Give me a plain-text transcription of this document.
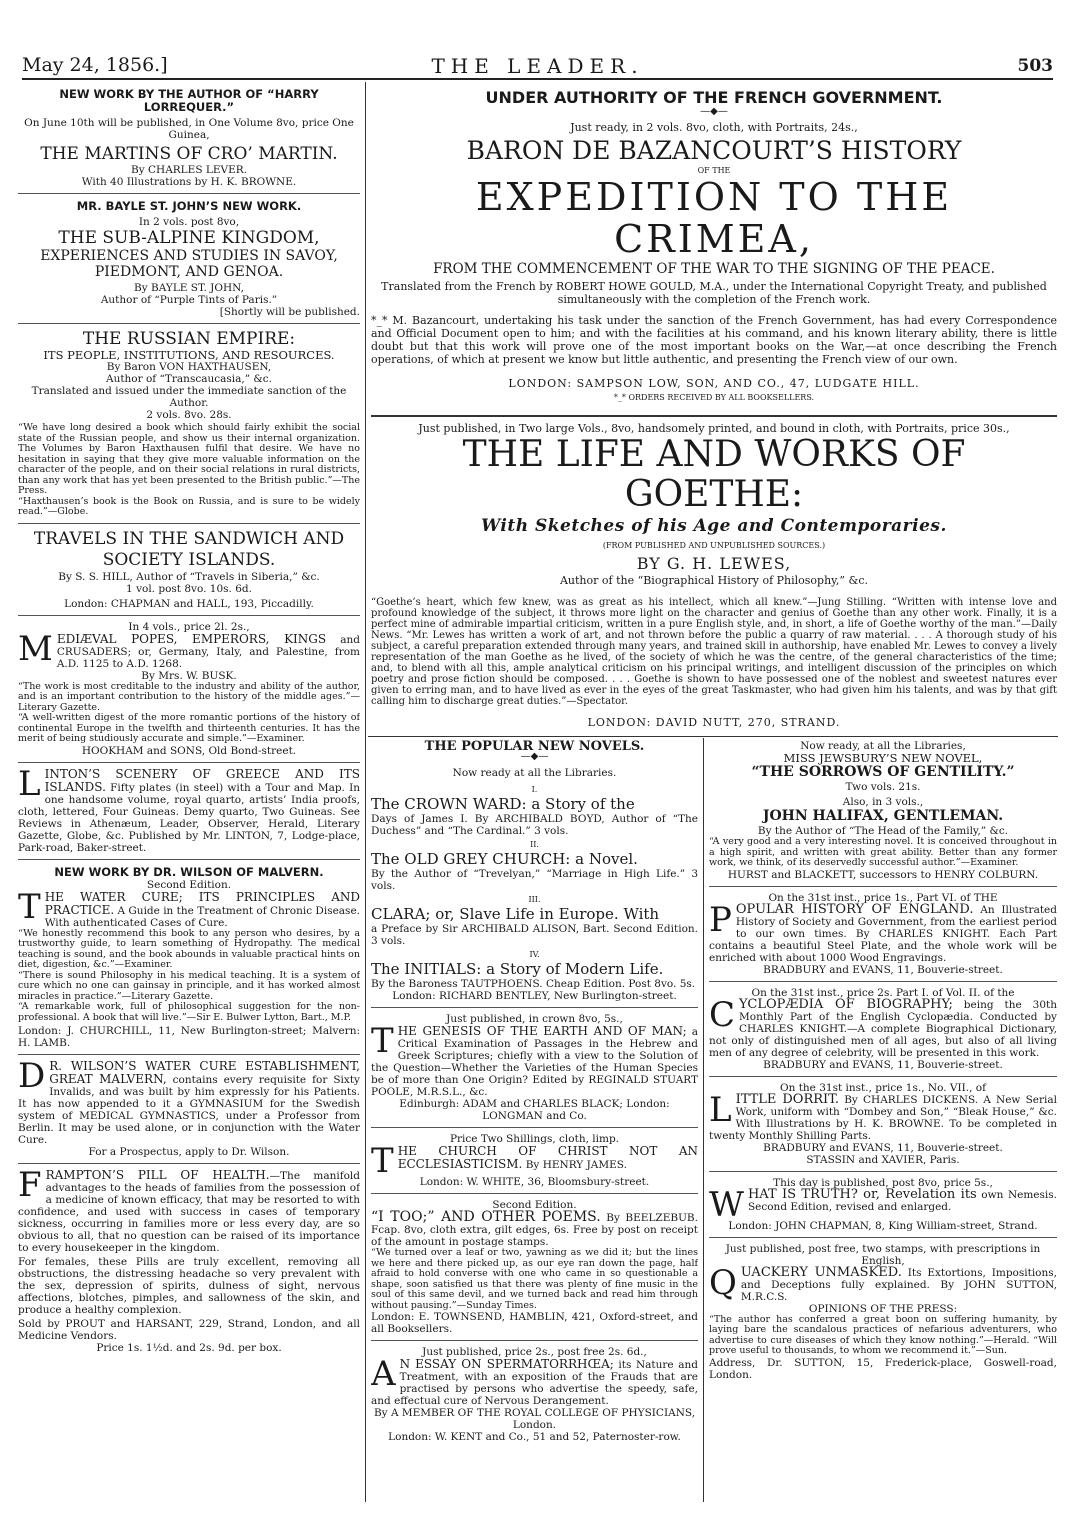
May 24, 1856.]	THE LEADER.	503

NEW WORK BY THE AUTHOR OF “HARRY LORREQUER.”

On June 10th will be published, in One Volume 8vo, price One Guinea,

THE MARTINS OF CRO’ MARTIN.

By CHARLES LEVER.

With 40 Illustrations by H. K. BROWNE.

MR. BAYLE ST. JOHN’S NEW WORK.

In 2 vols. post 8vo,

THE SUB-ALPINE KINGDOM,

EXPERIENCES AND STUDIES IN SAVOY, PIEDMONT, AND GENOA.

By BAYLE ST. JOHN,

Author of “Purple Tints of Paris.”

[Shortly will be published.

THE RUSSIAN EMPIRE:

ITS PEOPLE, INSTITUTIONS, AND RESOURCES.

By Baron VON HAXTHAUSEN,

Author of “Transcaucasia,” &c.

Translated and issued under the immediate sanction of the Author.

2 vols. 8vo. 28s.

“We have long desired a book which should fairly exhibit the social state of the Russian people, and show us their internal organization. The Volumes by Baron Haxthausen fulfil that desire. We have no hesitation in saying that they give more valuable information on the character of the people, and on their social relations in rural districts, than any work that has yet been presented to the British public.”—The Press.

“Haxthausen’s book is the Book on Russia, and is sure to be widely read.”—Globe.

TRAVELS IN THE SANDWICH AND SOCIETY ISLANDS.

By S. S. HILL, Author of “Travels in Siberia,” &c.

1 vol. post 8vo. 10s. 6d.

London: CHAPMAN and HALL, 193, Piccadilly.

In 4 vols., price 2l. 2s.,

MEDIÆVAL POPES, EMPERORS, KINGS and CRUSADERS; or, Germany, Italy, and Palestine, from A.D. 1125 to A.D. 1268.

By Mrs. W. BUSK.

“The work is most creditable to the industry and ability of the author, and is an important contribution to the history of the middle ages.”—Literary Gazette.

“A well-written digest of the more romantic portions of the history of continental Europe in the twelfth and thirteenth centuries. It has the merit of being studiously accurate and simple.”—Examiner.

HOOKHAM and SONS, Old Bond-street.

LINTON’S SCENERY OF GREECE AND ITS ISLANDS. Fifty plates (in steel) with a Tour and Map. In one handsome volume, royal quarto, artists’ India proofs, cloth, lettered, Four Guineas. Demy quarto, Two Guineas. See Reviews in Athenæum, Leader, Observer, Herald, Literary Gazette, Globe, &c. Published by Mr. LINTON, 7, Lodge-place, Park-road, Baker-street.

NEW WORK BY DR. WILSON OF MALVERN.

Second Edition.

THE WATER CURE; ITS PRINCIPLES AND PRACTICE. A Guide in the Treatment of Chronic Disease. With authenticated Cases of Cure.

“We honestly recommend this book to any person who desires, by a trustworthy guide, to learn something of Hydropathy. The medical teaching is sound, and the book abounds in valuable practical hints on diet, digestion, &c.”—Examiner.

“There is sound Philosophy in his medical teaching. It is a system of cure which no one can gainsay in principle, and it has worked almost miracles in practice.”—Literary Gazette.

“A remarkable work, full of philosophical suggestion for the non-professional. A book that will live.”—Sir E. Bulwer Lytton, Bart., M.P.

London: J. CHURCHILL, 11, New Burlington-street; Malvern: H. LAMB.

D R. WILSON’S WATER CURE ESTABLISHMENT, GREAT MALVERN, contains every requisite for Sixty Invalids, and was built by him expressly for his Patients. It has now appended to it a GYMNASIUM for the Swedish system of MEDICAL GYMNASTICS, under a Professor from Berlin. It may be used alone, or in conjunction with the Water Cure.

For a Prospectus, apply to Dr. Wilson.

FRAMPTON’S PILL OF HEALTH.—The manifold advantages to the heads of families from the possession of a medicine of known efficacy, that may be resorted to with confidence, and used with success in cases of temporary sickness, occurring in families more or less every day, are so obvious to all, that no question can be raised of its importance to every housekeeper in the kingdom.

For females, these Pills are truly excellent, removing all obstructions, the distressing headache so very prevalent with the sex, depression of spirits, dulness of sight, nervous affections, blotches, pimples, and sallowness of the skin, and produce a healthy complexion.

Sold by PROUT and HARSANT, 229, Strand, London, and all Medicine Vendors.

Price 1s. 1½d. and 2s. 9d. per box.

UNDER AUTHORITY OF THE FRENCH GOVERNMENT.

—◆—

Just ready, in 2 vols. 8vo, cloth, with Portraits, 24s.,

BARON DE BAZANCOURT’S HISTORY

OF THE

EXPEDITION TO THE CRIMEA,

FROM THE COMMENCEMENT OF THE WAR TO THE SIGNING OF THE PEACE.

Translated from the French by ROBERT HOWE GOULD, M.A., under the International Copyright Treaty, and published simultaneously with the completion of the French work.

*_* M. Bazancourt, undertaking his task under the sanction of the French Government, has had every Correspondence and Official Document open to him; and with the facilities at his command, and his known literary ability, there is little doubt but that this work will prove one of the most important books on the War,—at once describing the French operations, of which at present we know but little authentic, and presenting the French view of our own.

LONDON: SAMPSON LOW, SON, AND CO., 47, LUDGATE HILL.

*_* ORDERS RECEIVED BY ALL BOOKSELLERS.

Just published, in Two large Vols., 8vo, handsomely printed, and bound in cloth, with Portraits, price 30s.,

THE LIFE AND WORKS OF GOETHE:

With Sketches of his Age and Contemporaries.

(FROM PUBLISHED AND UNPUBLISHED SOURCES.)

BY G. H. LEWES,

Author of the “Biographical History of Philosophy,” &c.

“Goethe’s heart, which few knew, was as great as his intellect, which all knew.”—Jung Stilling. “Written with intense love and profound knowledge of the subject, it throws more light on the character and genius of Goethe than any other work. Finally, it is a perfect mine of admirable impartial criticism, written in a pure English style, and, in short, a life of Goethe worthy of the man.”—Daily News. “Mr. Lewes has written a work of art, and not thrown before the public a quarry of raw material. . . . A thorough study of his subject, a careful preparation extended through many years, and trained skill in authorship, have enabled Mr. Lewes to convey a lively representation of the man Goethe as he lived, of the society of which he was the centre, of the general characteristics of the time; and, to blend with all this, ample analytical criticism on his principal writings, and intelligent discussion of the principles on which poetry and prose fiction should be composed. . . . Goethe is shown to have possessed one of the noblest and sweetest natures ever given to erring man, and to have lived as ever in the eyes of the great Taskmaster, who had given him his talents, and was by that gift calling him to discharge great duties.”—Spectator.

LONDON: DAVID NUTT, 270, STRAND.

THE POPULAR NEW NOVELS.

—◆—

Now ready at all the Libraries.

I.

The CROWN WARD: a Story of the

Days of James I. By ARCHIBALD BOYD, Author of “The Duchess” and “The Cardinal.” 3 vols.

II.

The OLD GREY CHURCH: a Novel.

By the Author of “Trevelyan,” “Marriage in High Life.” 3 vols.

III.

CLARA; or, Slave Life in Europe. With

a Preface by Sir ARCHIBALD ALISON, Bart. Second Edition. 3 vols.

IV.

The INITIALS: a Story of Modern Life.

By the Baroness TAUTPHOENS. Cheap Edition. Post 8vo. 5s.

London: RICHARD BENTLEY, New Burlington-street.

Just published, in crown 8vo, 5s.,

THE GENESIS OF THE EARTH AND OF MAN; a Critical Examination of Passages in the Hebrew and Greek Scriptures; chiefly with a view to the Solution of the Question—Whether the Varieties of the Human Species be of more than One Origin? Edited by REGINALD STUART POOLE, M.R.S.L., &c.

Edinburgh: ADAM and CHARLES BLACK; London: LONGMAN and Co.

Price Two Shillings, cloth, limp.

THE CHURCH OF CHRIST NOT AN ECCLESIASTICISM. By HENRY JAMES.

London: W. WHITE, 36, Bloomsbury-street.

Second Edition.

“I TOO;” AND OTHER POEMS. By BEELZEBUB. Fcap. 8vo, cloth extra, gilt edges, 6s. Free by post on receipt of the amount in postage stamps.

“We turned over a leaf or two, yawning as we did it; but the lines we here and there picked up, as our eye ran down the page, half afraid to hold converse with one who came in so questionable a shape, soon satisfied us that there was plenty of fine music in the soul of this same devil, and we turned back and read him through without pausing.”—Sunday Times.

London: E. TOWNSEND, HAMBLIN, 421, Oxford-street, and all Booksellers.

Just published, price 2s., post free 2s. 6d.,

A N ESSAY ON SPERMATORRHŒA; its Nature and Treatment, with an exposition of the Frauds that are practised by persons who advertise the speedy, safe, and effectual cure of Nervous Derangement.

By A MEMBER OF THE ROYAL COLLEGE OF PHYSICIANS, London.

London: W. KENT and Co., 51 and 52, Paternoster-row.

Now ready, at all the Libraries,

MISS JEWSBURY’S NEW NOVEL,

“THE SORROWS OF GENTILITY.”

Two vols. 21s.

Also, in 3 vols.,

JOHN HALIFAX, GENTLEMAN.

By the Author of “The Head of the Family,” &c.

“A very good and a very interesting novel. It is conceived throughout in a high spirit, and written with great ability. Better than any former work, we think, of its deservedly successful author.”—Examiner.

HURST and BLACKETT, successors to HENRY COLBURN.

On the 31st inst., price 1s., Part VI. of THE

POPULAR HISTORY OF ENGLAND. An Illustrated History of Society and Government, from the earliest period to our own times. By CHARLES KNIGHT. Each Part contains a beautiful Steel Plate, and the whole work will be enriched with about 1000 Wood Engravings.

BRADBURY and EVANS, 11, Bouverie-street.

On the 31st inst., price 2s. Part I. of Vol. II. of the

CYCLOPÆDIA OF BIOGRAPHY; being the 30th Monthly Part of the English Cyclopædia. Conducted by CHARLES KNIGHT.—A complete Biographical Dictionary, not only of distinguished men of all ages, but also of all living men of any degree of celebrity, will be presented in this work.

BRADBURY and EVANS, 11, Bouverie-street.

On the 31st inst., price 1s., No. VII., of

LITTLE DORRIT. By CHARLES DICKENS. A New Serial Work, uniform with “Dombey and Son,” “Bleak House,” &c. With Illustrations by H. K. BROWNE. To be completed in twenty Monthly Shilling Parts.

BRADBURY and EVANS, 11, Bouverie-street.

STASSIN and XAVIER, Paris.

This day is published, post 8vo, price 5s.,

WHAT IS TRUTH? or, Revelation its own Nemesis. Second Edition, revised and enlarged.

London: JOHN CHAPMAN, 8, King William-street, Strand.

Just published, post free, two stamps, with prescriptions in English,

QUACKERY UNMASKED. Its Extortions, Impositions, and Deceptions fully explained. By JOHN SUTTON, M.R.C.S.

OPINIONS OF THE PRESS:

“The author has conferred a great boon on suffering humanity, by laying bare the scandalous practices of nefarious adventurers, who advertise to cure diseases of which they know nothing.”—Herald. “Will prove useful to thousands, to whom we recommend it.”—Sun.

Address, Dr. SUTTON, 15, Frederick-place, Goswell-road, London.
